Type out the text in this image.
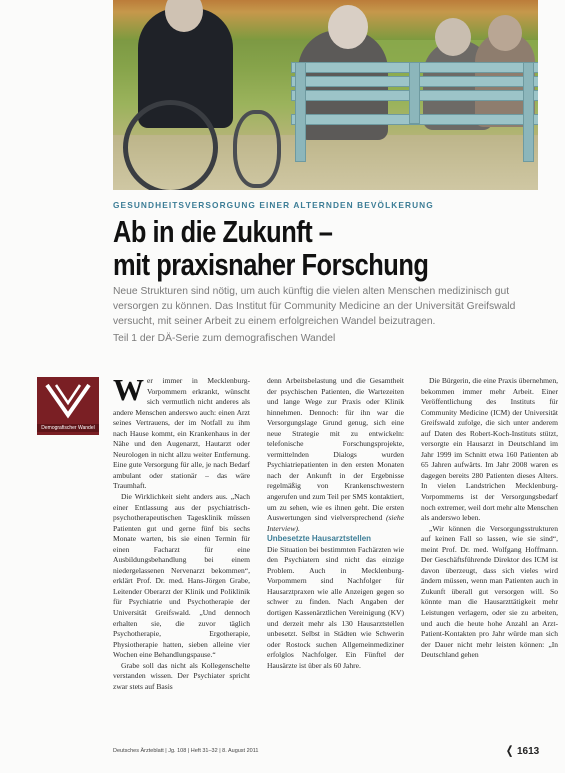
GESUNDHEITSVERSORGUNG EINER ALTERNDEN BEVÖLKERUNG
Ab in die Zukunft –
mit praxisnaher Forschung

Neue Strukturen sind nötig, um auch künftig die vielen alten Menschen medizinisch gut versorgen zu können. Das Institut für Community Medicine an der Universität Greifswald versucht, mit seiner Arbeit zu einem erfolgreichen Wandel beizutragen.

Teil 1 der DÄ-Serie zum demografischen Wandel

Demografischer Wandel

Wer immer in Mecklenburg-Vorpommern erkrankt, wünscht sich vermutlich nicht anderes als andere Menschen anderswo auch: einen Arzt seines Vertrauens, der im Notfall zu ihm nach Hause kommt, ein Krankenhaus in der Nähe und den Augenarzt, Hautarzt oder Neurologen in nicht allzu weiter Entfernung. Eine gute Versorgung für alle, je nach Bedarf ambulant oder stationär – das wäre Traumhaft.

Die Wirklichkeit sieht anders aus. „Nach einer Entlassung aus der psychiatrisch-psychotherapeutischen Tagesklinik müssen Patienten gut und gerne fünf bis sechs Monate warten, bis sie einen Termin für einen Facharzt für eine Ausbildungsbehandlung bei einem niedergelassenen Nervenarzt bekommen“, erklärt Prof. Dr. med. Hans-Jörgen Grabe, Leitender Oberarzt der Klinik und Poliklinik für Psychiatrie und Psychotherapie der Universität Greifswald. „Und dennoch erhalten sie, die zuvor täglich Psychotherapie, Ergotherapie, Physiotherapie hatten, sieben alleine vier Wochen eine Behandlungspause.“

Grabe soll das nicht als Kollegenschelte verstanden wissen. Der Psychiater spricht zwar stets auf Basis

denn Arbeitsbelastung und die Gesamtheit der psychischen Patienten, die Wartezeiten und lange Wege zur Praxis oder Klinik hinnehmen. Dennoch: für ihn war die Versorgungslage Grund genug, sich eine neue Strategie mit zu entwickeln: telefonische Forschungsprojekte, vermittelnden Dialogs wurden Psychiatriepatienten in den ersten Monaten nach der Ankunft in der Ergebnisse regelmäßig von Krankenschwestern angerufen und zum Teil per SMS kontaktiert, um zu sehen, wie es ihnen geht. Die ersten Auswertungen sind vielversprechend (siehe Interview).

Unbesetzte Hausarztstellen

Die Situation bei bestimmten Fachärzten wie den Psychiatern sind nicht das einzige Problem. Auch in Mecklenburg-Vorpommern sind Nachfolger für Hausarztpraxen wie alle Anzeigen gegen so schwer zu finden. Nach Angaben der dortigen Kassenärztlichen Vereinigung (KV) und derzeit mehr als 130 Hausarztstellen unbesetzt. Selbst in Städten wie Schwerin oder Rostock suchen Allgemeinmediziner erfolglos Nachfolger. Ein Fünftel der Hausärzte ist über als 60 Jahre.

Die Bürgerin, die eine Praxis übernehmen, bekommen immer mehr Arbeit. Einer Veröffentlichung des Instituts für Community Medicine (ICM) der Universität Greifswald zufolge, die sich unter anderem auf Daten des Robert-Koch-Instituts stützt, versorgte ein Hausarzt in Deutschland im Jahr 1999 im Schnitt etwa 160 Patienten ab 65 Jahren aufwärts. Im Jahr 2008 waren es dagegen bereits 280 Patienten dieses Alters. In vielen Landstrichen Mecklenburg-Vorpommerns ist der Versorgungsbedarf noch extremer, weil dort mehr alte Menschen als anderswo leben.

„Wir können die Versorgungsstrukturen auf keinen Fall so lassen, wie sie sind“, meint Prof. Dr. med. Wolfgang Hoffmann. Der Geschäftsführende Direktor des ICM ist davon überzeugt, dass sich vieles wird ändern müssen, wenn man Patienten auch in Zukunft überall gut versorgen will. So könnte man die Hausarzttätigkeit mehr Leistungen verlagern, oder sie zu arbeiten, und auch die heute hohe Anzahl an Arzt-Patient-Kontakten pro Jahr würde man sich der Dauer nicht mehr leisten können: „In Deutschland gehen

Deutsches Ärzteblatt | Jg. 108 | Heft 31–32 | 8. August 2011	❬ 1613
